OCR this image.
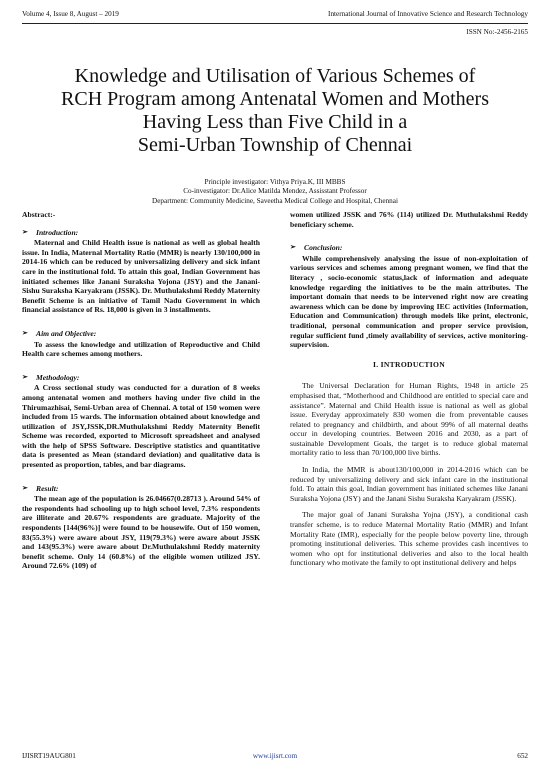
Volume 4, Issue 8, August – 2019	International Journal of Innovative Science and Research Technology
ISSN No:-2456-2165
Knowledge and Utilisation of Various Schemes of
RCH Program among Antenatal Women and Mothers
Having Less than Five Child in a
Semi-Urban Township of Chennai
Principle investigator: Vithya Priya.K, III MBBS
Co-investigator: Dr.Alice Matilda Mendez, Assisstant Professor
Department: Community Medicine, Saveetha Medical College and Hospital, Chennai
Abstract:-
➢	Introduction:
Maternal and Child Health issue is national as well as global health issue. In India, Maternal Mortality Ratio (MMR) is nearly 130/100,000 in 2014-16 which can be reduced by universalizing delivery and sick infant care in the institutional fold. To attain this goal, Indian Government has initiated schemes like Janani Suraksha Yojona (JSY) and the Janani-Sishu Suraksha Karyakram (JSSK). Dr. Muthulakshmi Reddy Maternity Benefit Scheme is an initiative of Tamil Nadu Government in which financial assistance of Rs. 18,000 is given in 3 installments.
➢	Aim and Objective:
To assess the knowledge and utilization of Reproductive and Child Health care schemes among mothers.
➢	Methodology:
A Cross sectional study was conducted for a duration of 8 weeks among antenatal women and mothers having under five child in the Thirumazhisai, Semi-Urban area of Chennai. A total of 150 women were included from 15 wards. The information obtained about knowledge and utilization of JSY,JSSK,DR.Muthulakshmi Reddy Maternity Benefit Scheme was recorded, exported to Microsoft spreadsheet and analysed with the help of SPSS Software. Descriptive statistics and quantitative data is presented as Mean (standard deviation) and qualitative data is presented as proportion, tables, and bar diagrams.
➢	Result:
The mean age of the population is 26.04667(0.28713 ). Around 54% of the respondents had schooling up to high school level, 7.3% respondents are illiterate and 20.67% respondents are graduate. Majority of the respondents [144(96%)] were found to be housewife. Out of 150 women, 83(55.3%) were aware about JSY, 119(79.3%) were aware about JSSK and 143(95.3%) were aware about Dr.Muthulakshmi Reddy maternity benefit scheme. Only 14 (60.8%) of the eligible women utilized JSY. Around 72.6% (109) of
women utilized JSSK and 76% (114) utilized Dr. Muthulakshmi Reddy beneficiary scheme.
➢	Conclusion:
While comprehensively analysing the issue of non-exploitation of various services and schemes among pregnant women, we find that the literacy , socio-economic status,lack of information and adequate knowledge regarding the initiatives to be the main attributes. The important domain that needs to be intervened right now are creating awareness which can be done by improving IEC activities (Information, Education and Communication) through models like print, electronic, traditional, personal communication and proper service provision, regular sufficient fund ,timely availability of services, active monitoring-supervision.
I. INTRODUCTION
The Universal Declaration for Human Rights, 1948 in article 25 emphasised that, “Motherhood and Childhood are entitled to special care and assistance”. Maternal and Child Health issue is national as well as global issue. Everyday approximately 830 women die from preventable causes related to pregnancy and childbirth, and about 99% of all maternal deaths occur in developing countries. Between 2016 and 2030, as a part of sustainable Development Goals, the target is to reduce global maternal mortality ratio to less than 70/100,000 live births.
In India, the MMR is about130/100,000 in 2014-2016 which can be reduced by universalizing delivery and sick infant care in the institutional fold. To attain this goal, Indian government has initiated schemes like Janani Suraksha Yojona (JSY) and the Janani Sishu Suraksha Karyakram (JSSK).
The major goal of Janani Suraksha Yojna (JSY), a conditional cash transfer scheme, is to reduce Maternal Mortality Ratio (MMR) and Infant Mortality Rate (IMR), especially for the people below poverty line, through promoting institutional deliveries. This scheme provides cash incentives to women who opt for institutional deliveries and also to the local health functionary who motivate the family to opt institutional delivery and helps
IJISRT19AUG801	www.ijisrt.com	652
